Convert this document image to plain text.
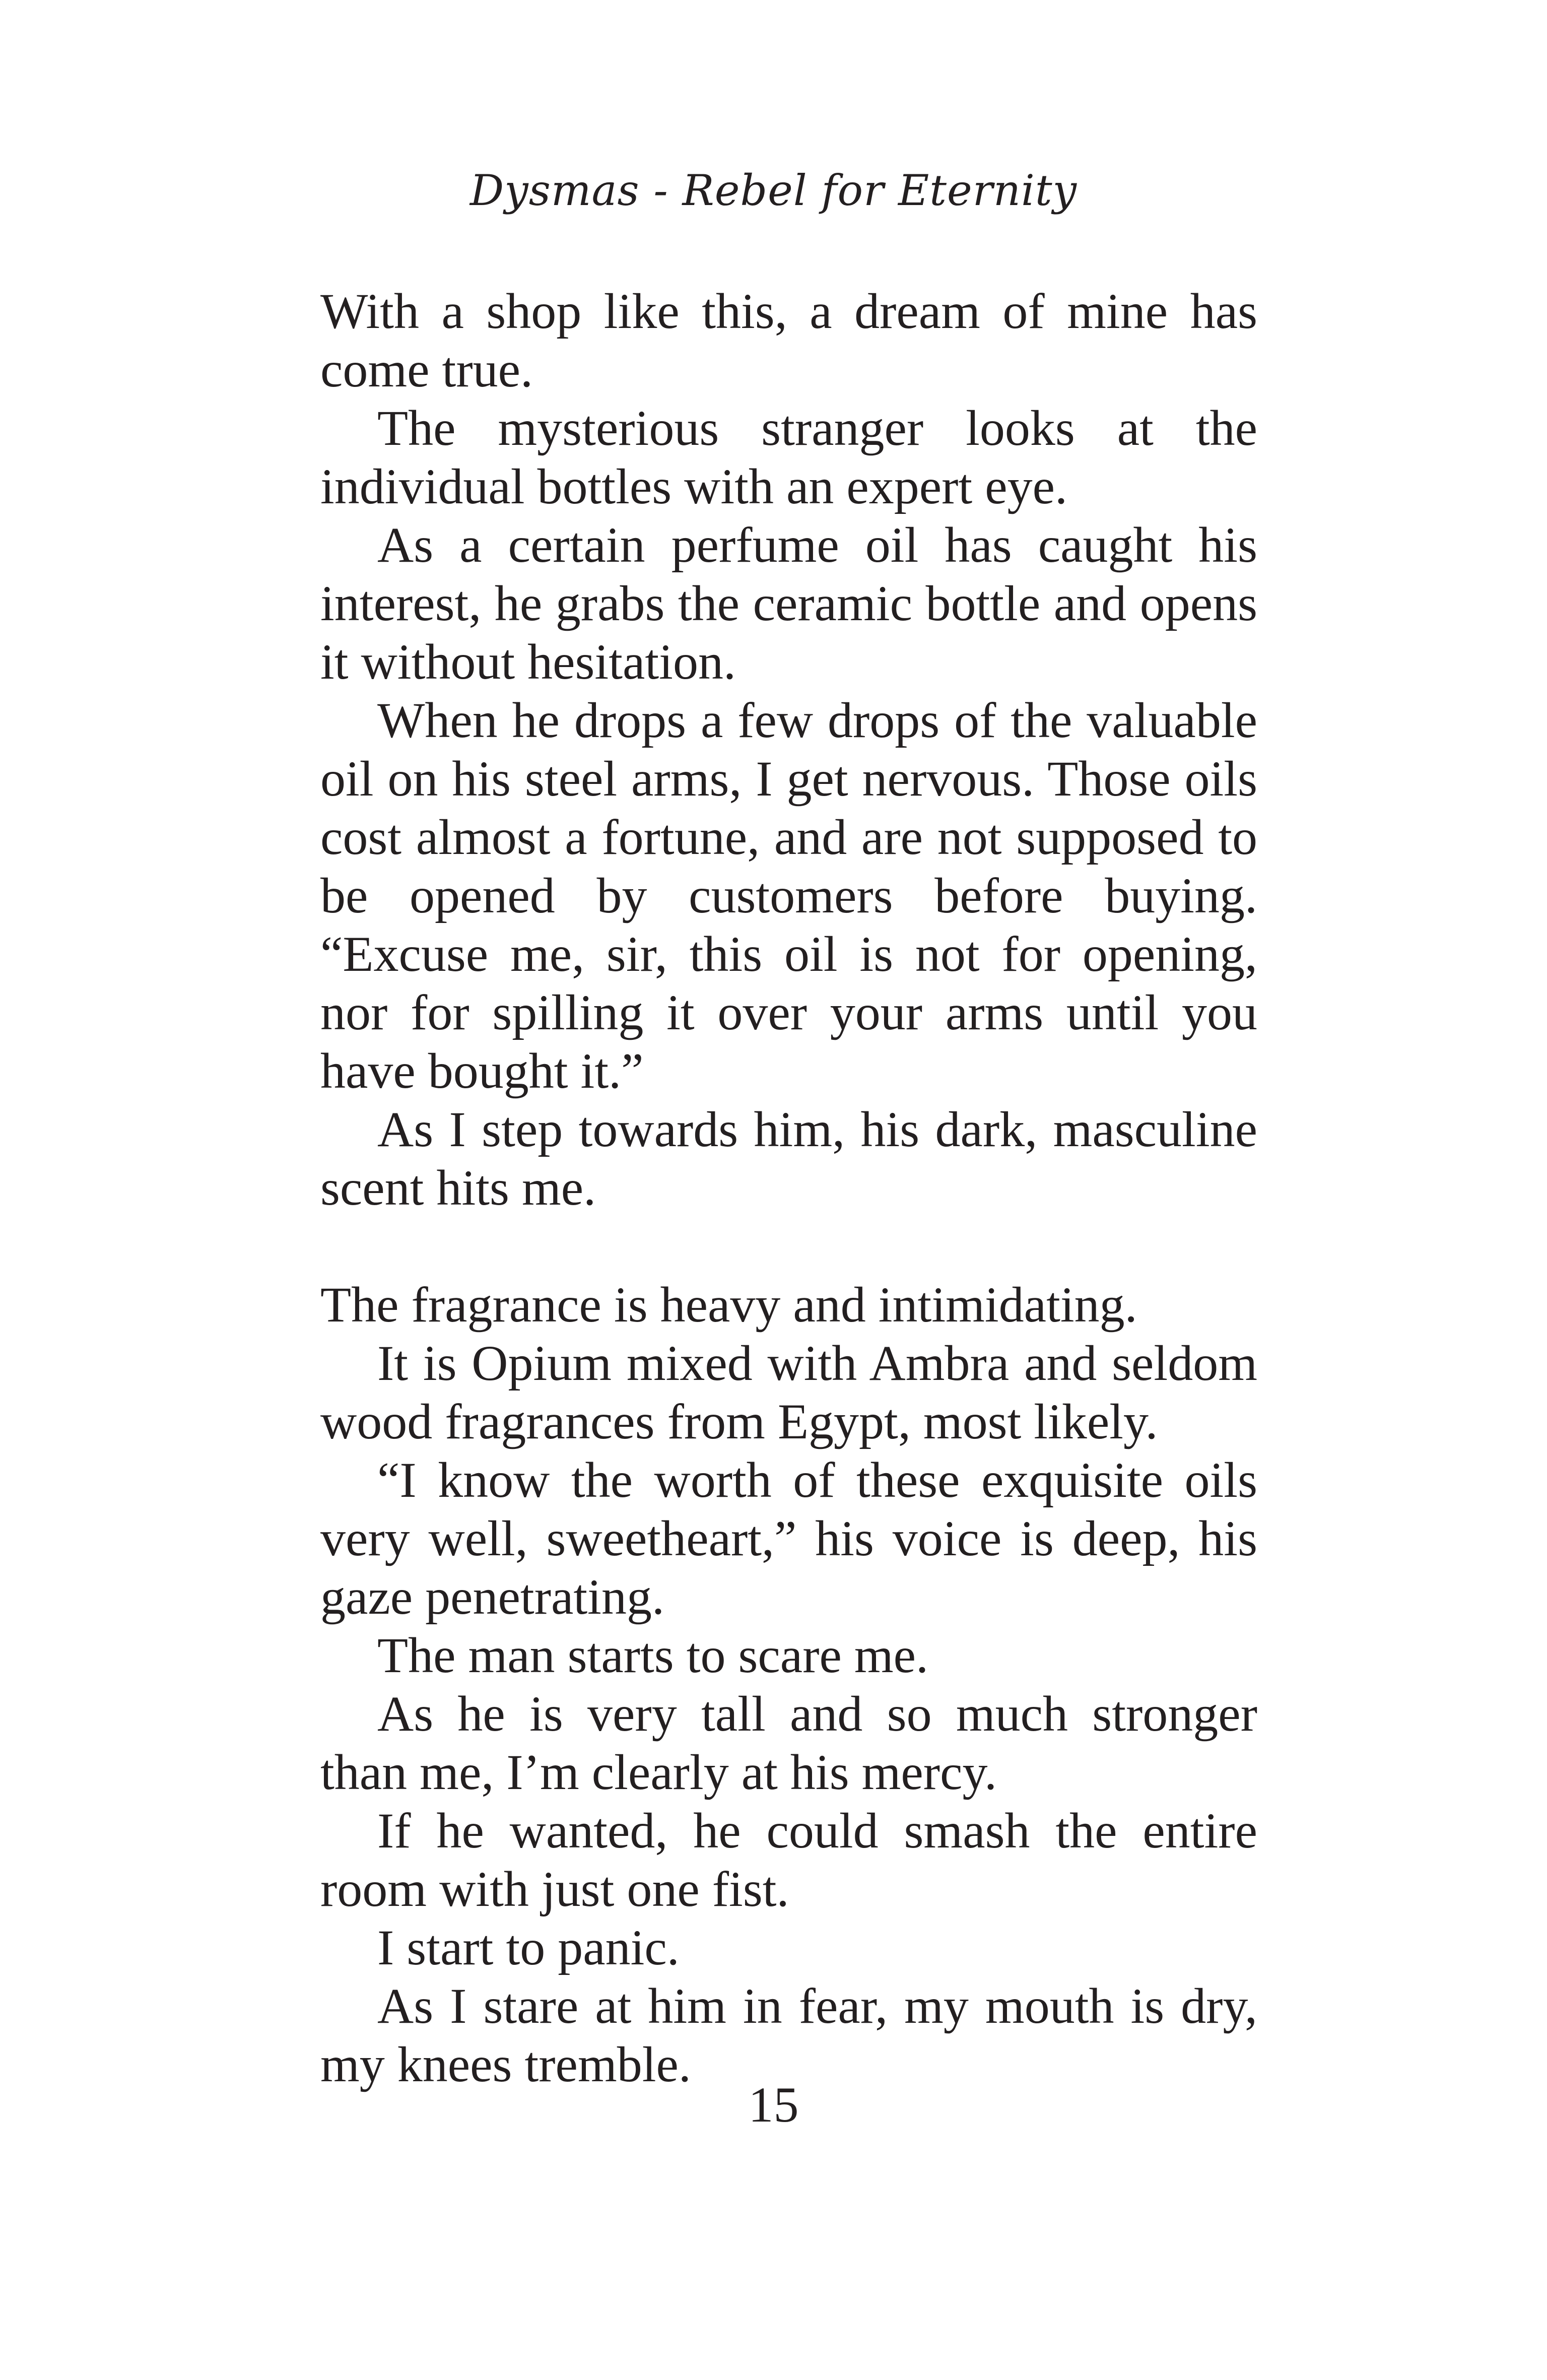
Dysmas - Rebel for Eternity

With a shop like this, a dream of mine has come true.

The mysterious stranger looks at the individual bottles with an expert eye.

As a certain perfume oil has caught his interest, he grabs the ceramic bottle and opens it without hesitation.

When he drops a few drops of the valuable oil on his steel arms, I get nervous. Those oils cost almost a fortune, and are not supposed to be opened by customers before buying. “Excuse me, sir, this oil is not for opening, nor for spilling it over your arms until you have bought it.”

As I step towards him, his dark, masculine scent hits me.

The fragrance is heavy and intimidating.

It is Opium mixed with Ambra and seldom wood fragrances from Egypt, most likely.

“I know the worth of these exquisite oils very well, sweetheart,” his voice is deep, his gaze penetrating.

The man starts to scare me.

As he is very tall and so much stronger than me, I’m clearly at his mercy.

If he wanted, he could smash the entire room with just one fist.

I start to panic.

As I stare at him in fear, my mouth is dry, my knees tremble.

15
